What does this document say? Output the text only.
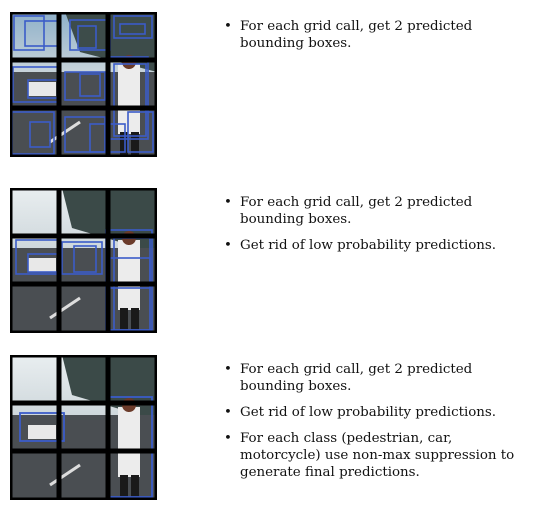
• For each grid call, get 2 predicted bounding boxes.
• For each grid call, get 2 predicted bounding boxes.
• Get rid of low probability predictions.
• For each grid call, get 2 predicted bounding boxes.
• Get rid of low probability predictions.
• For each class (pedestrian, car, motorcycle) use non-max suppression to generate final predictions.
